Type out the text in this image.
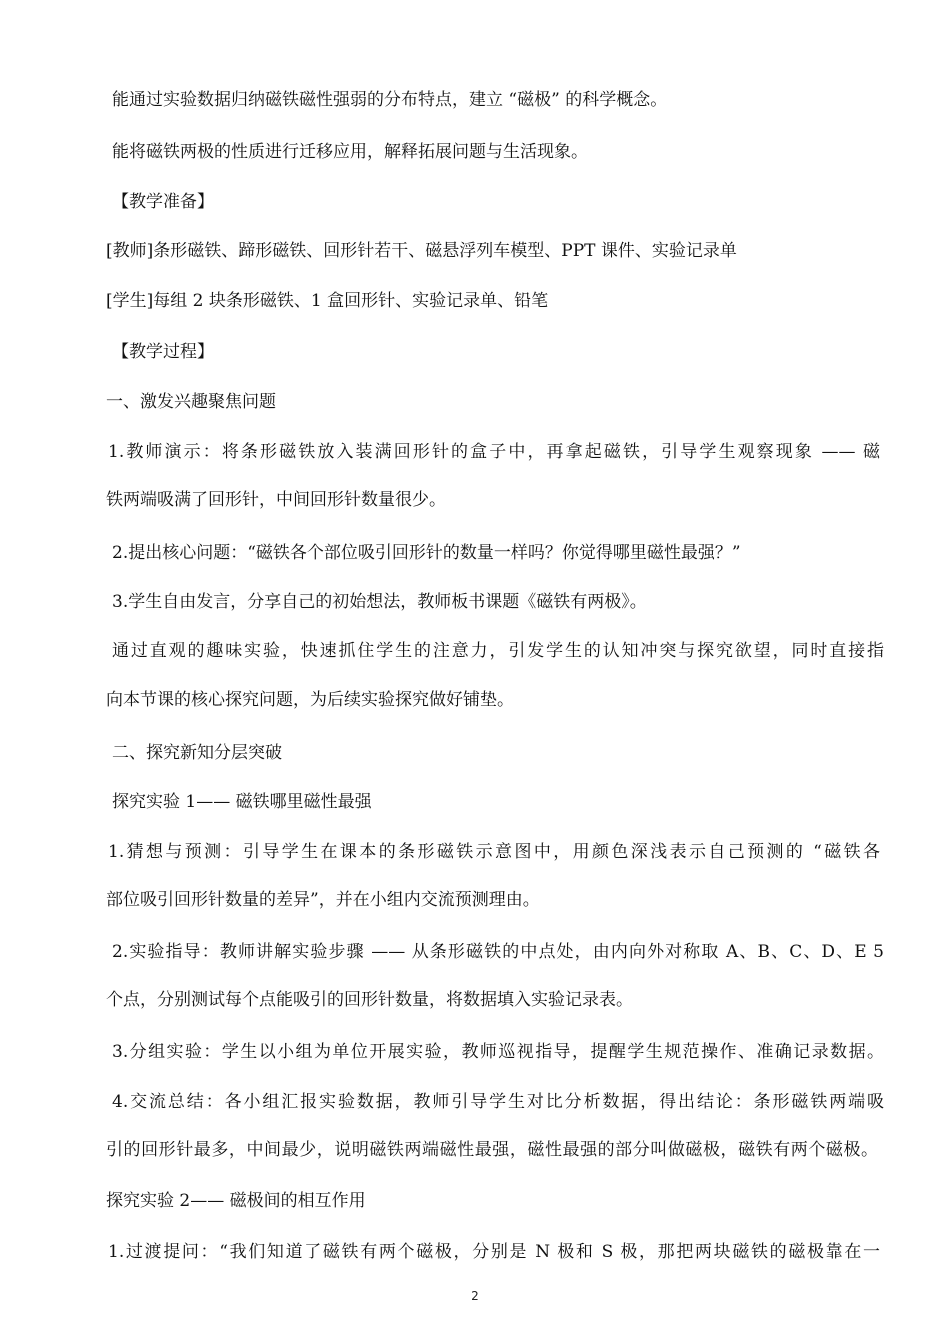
能通过实验数据归纳磁铁磁性强弱的分布特点，建立 “磁极” 的科学概念。
能将磁铁两极的性质进行迁移应用，解释拓展问题与生活现象。
【教学准备】
[教师]条形磁铁、蹄形磁铁、回形针若干、磁悬浮列车模型、PPT 课件、实验记录单
[学生]每组 2 块条形磁铁、1 盒回形针、实验记录单、铅笔
【教学过程】
一、激发兴趣聚焦问题
1.教师演示：将条形磁铁放入装满回形针的盒子中，再拿起磁铁，引导学生观察现象 —— 磁
铁两端吸满了回形针，中间回形针数量很少。
2.提出核心问题：“磁铁各个部位吸引回形针的数量一样吗？你觉得哪里磁性最强？”
3.学生自由发言，分享自己的初始想法，教师板书课题《磁铁有两极》。
通过直观的趣味实验，快速抓住学生的注意力，引发学生的认知冲突与探究欲望，同时直接指
向本节课的核心探究问题，为后续实验探究做好铺垫。
二、探究新知分层突破
探究实验 1—— 磁铁哪里磁性最强
1.猜想与预测：引导学生在课本的条形磁铁示意图中，用颜色深浅表示自己预测的 “磁铁各
部位吸引回形针数量的差异”，并在小组内交流预测理由。
2.实验指导：教师讲解实验步骤 —— 从条形磁铁的中点处，由内向外对称取 A、B、C、D、E 5
个点，分别测试每个点能吸引的回形针数量，将数据填入实验记录表。
3.分组实验：学生以小组为单位开展实验，教师巡视指导，提醒学生规范操作、准确记录数据。
4.交流总结：各小组汇报实验数据，教师引导学生对比分析数据，得出结论：条形磁铁两端吸
引的回形针最多，中间最少，说明磁铁两端磁性最强，磁性最强的部分叫做磁极，磁铁有两个磁极。
探究实验 2—— 磁极间的相互作用
1.过渡提问：“我们知道了磁铁有两个磁极，分别是 N 极和 S 极，那把两块磁铁的磁极靠在一
2
